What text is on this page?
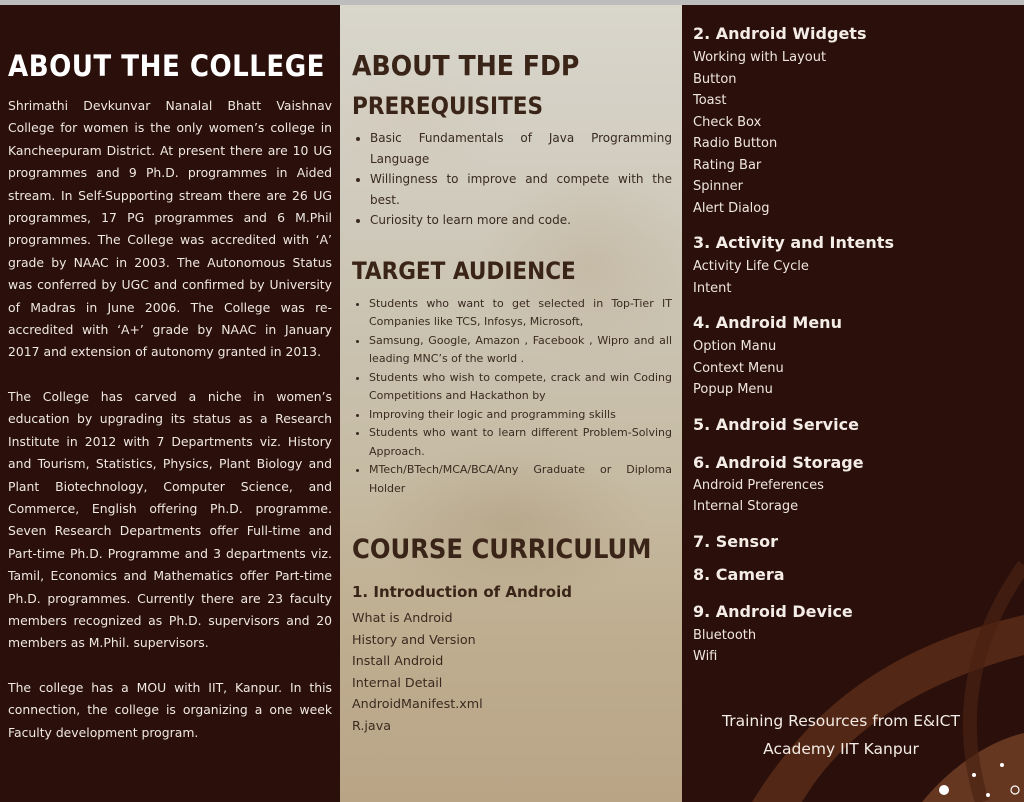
ABOUT THE COLLEGE

Shrimathi Devkunvar Nanalal Bhatt Vaishnav College for women is the only women’s college in Kancheepuram District. At present there are 10 UG programmes and 9 Ph.D. programmes in Aided stream. In Self-Supporting stream there are 26 UG programmes, 17 PG programmes and 6 M.Phil programmes. The College was accredited with ‘A’ grade by NAAC in 2003. The Autonomous Status was conferred by UGC and confirmed by University of Madras in June 2006. The College was re-accredited with ‘A+’ grade by NAAC in January 2017 and extension of autonomy granted in 2013.

The College has carved a niche in women’s education by upgrading its status as a Research Institute in 2012 with 7 Departments viz. History and Tourism, Statistics, Physics, Plant Biology and Plant Biotechnology, Computer Science, and Commerce, English offering Ph.D. programme. Seven Research Departments offer Full-time and Part-time Ph.D. Programme and 3 departments viz. Tamil, Economics and Mathematics offer Part-time Ph.D. programmes. Currently there are 23 faculty members recognized as Ph.D. supervisors and 20 members as M.Phil. supervisors.

The college has a MOU with IIT, Kanpur. In this connection, the college is organizing a one week Faculty development program.

ABOUT THE FDP
PREREQUISITES
• Basic Fundamentals of Java Programming Language
• Willingness to improve and compete with the best.
• Curiosity to learn more and code.
TARGET AUDIENCE
• Students who want to get selected in Top-Tier IT Companies like TCS, Infosys, Microsoft,
• Samsung, Google, Amazon , Facebook , Wipro and all leading MNC’s of the world .
• Students who wish to compete, crack and win Coding Competitions and Hackathon by
• Improving their logic and programming skills
• Students who want to learn different Problem-Solving Approach.
• MTech/BTech/MCA/BCA/Any Graduate or Diploma Holder
COURSE CURRICULUM
1. Introduction of Android
What is Android
History and Version
Install Android
Internal Detail
AndroidManifest.xml
R.java
2. Android Widgets
Working with Layout
Button
Toast
Check Box
Radio Button
Rating Bar
Spinner
Alert Dialog
3. Activity and Intents
Activity Life Cycle
Intent
4. Android Menu
Option Manu
Context Menu
Popup Menu
5. Android Service
6. Android Storage
Android Preferences
Internal Storage
7. Sensor
8. Camera
9. Android Device
Bluetooth
Wifi
Training Resources from E&ICT
Academy IIT Kanpur
